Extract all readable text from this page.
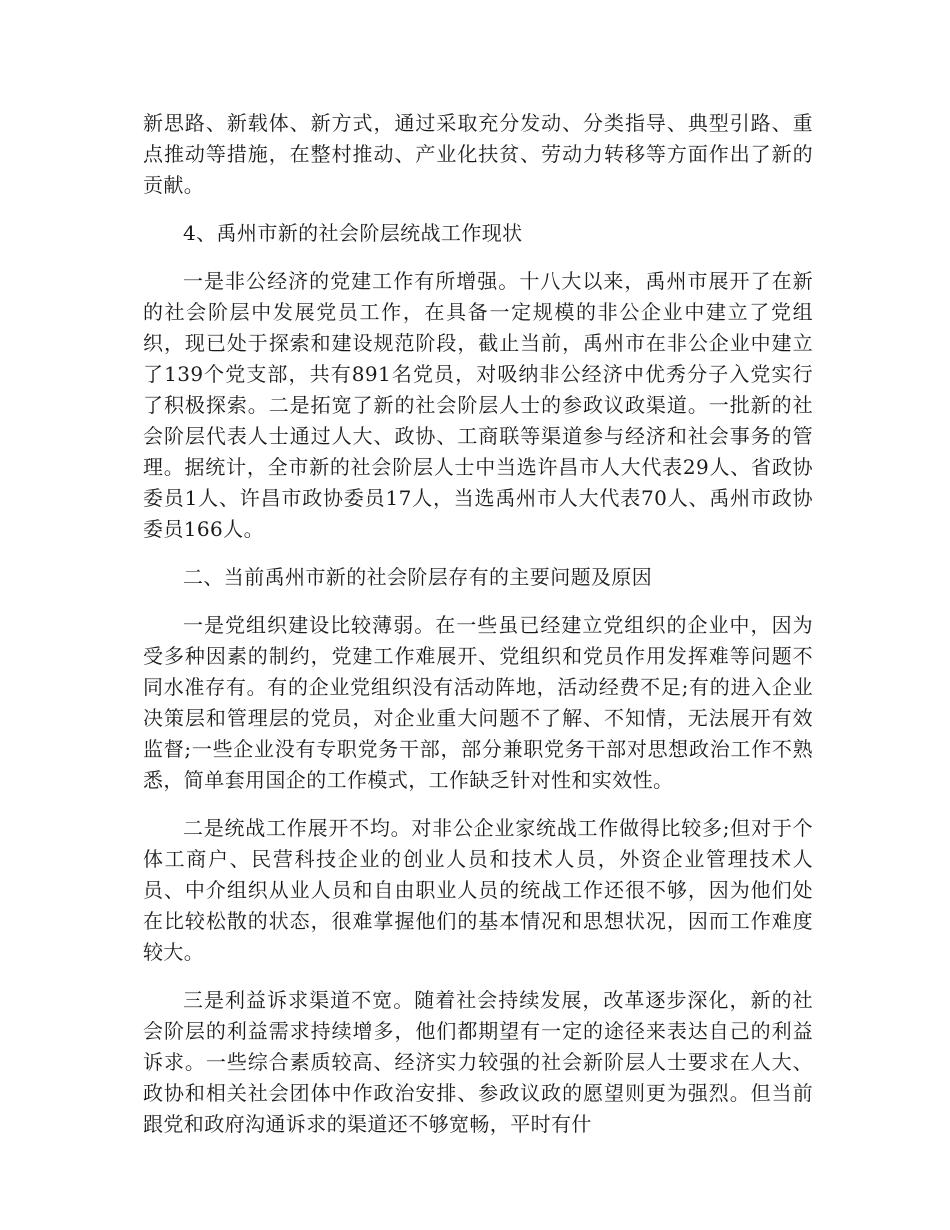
新思路、新载体、新方式，通过采取充分发动、分类指导、典型引路、重点推动等措施，在整村推动、产业化扶贫、劳动力转移等方面作出了新的贡献。

4、禹州市新的社会阶层统战工作现状

一是非公经济的党建工作有所增强。十八大以来，禹州市展开了在新的社会阶层中发展党员工作，在具备一定规模的非公企业中建立了党组织，现已处于探索和建设规范阶段，截止当前，禹州市在非公企业中建立了139个党支部，共有891名党员，对吸纳非公经济中优秀分子入党实行了积极探索。二是拓宽了新的社会阶层人士的参政议政渠道。一批新的社会阶层代表人士通过人大、政协、工商联等渠道参与经济和社会事务的管理。据统计，全市新的社会阶层人士中当选许昌市人大代表29人、省政协委员1人、许昌市政协委员17人，当选禹州市人大代表70人、禹州市政协委员166人。

二、当前禹州市新的社会阶层存有的主要问题及原因

一是党组织建设比较薄弱。在一些虽已经建立党组织的企业中，因为受多种因素的制约，党建工作难展开、党组织和党员作用发挥难等问题不同水准存有。有的企业党组织没有活动阵地，活动经费不足;有的进入企业决策层和管理层的党员，对企业重大问题不了解、不知情，无法展开有效监督;一些企业没有专职党务干部，部分兼职党务干部对思想政治工作不熟悉，简单套用国企的工作模式，工作缺乏针对性和实效性。

二是统战工作展开不均。对非公企业家统战工作做得比较多;但对于个体工商户、民营科技企业的创业人员和技术人员，外资企业管理技术人员、中介组织从业人员和自由职业人员的统战工作还很不够，因为他们处在比较松散的状态，很难掌握他们的基本情况和思想状况，因而工作难度较大。

三是利益诉求渠道不宽。随着社会持续发展，改革逐步深化，新的社会阶层的利益需求持续增多，他们都期望有一定的途径来表达自己的利益诉求。一些综合素质较高、经济实力较强的社会新阶层人士要求在人大、政协和相关社会团体中作政治安排、参政议政的愿望则更为强烈。但当前跟党和政府沟通诉求的渠道还不够宽畅，平时有什
